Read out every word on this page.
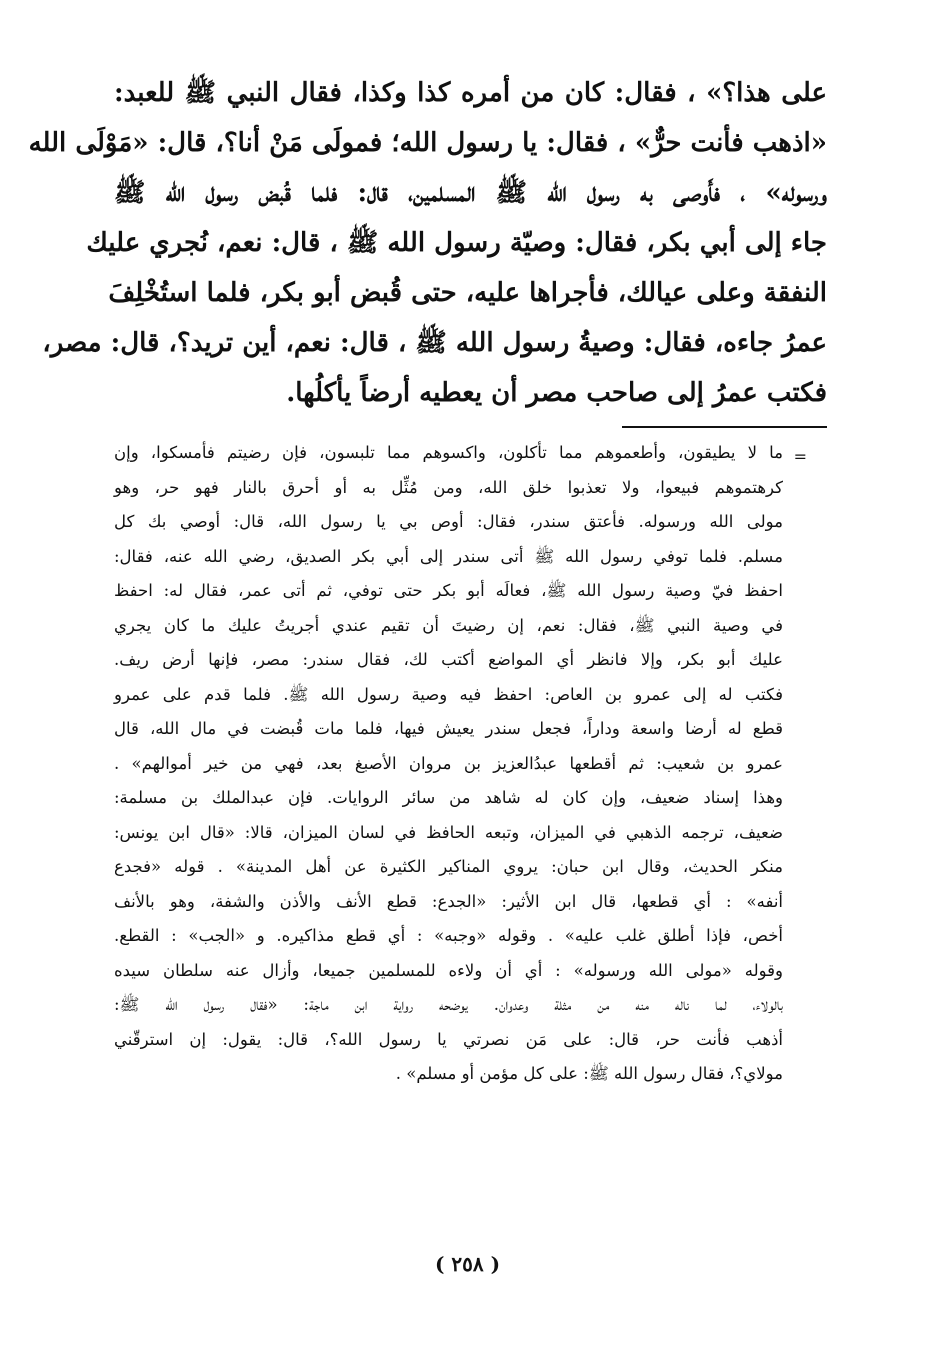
على هذا؟» ، فقال: كان من أمره كذا وكذا، فقال النبي ﷺ للعبد:
«اذهب فأنت حرٌّ» ، فقال: يا رسول الله؛ فمولَى مَنْ أنا؟، قال: «مَوْلَى الله
ورسوله» ، فأَوصى به رسول الله ﷺ المسلمين، قال: فلما قُبض رسول الله ﷺ
جاء إلى أبي بكر، فقال: وصيّة رسول الله ﷺ ، قال: نعم، نُجري عليك
النفقة وعلى عيالك، فأجراها عليه، حتى قُبض أبو بكر، فلما استُخْلِفَ
عمرُ جاءه، فقال: وصيةُ رسول الله ﷺ ، قال: نعم، أين تريد؟، قال: مصر،
فكتب عمرُ إلى صاحب مصر أن يعطيه أرضاً يأكلُها.
=
ما لا يطيقون، وأطعموهم مما تأكلون، واكسوهم مما تلبسون، فإن رضيتم فأمسكوا، وإن
كرهتموهم فبيعوا، ولا تعذبوا خلق الله، ومن مُثِّل به أو أحرق بالنار فهو حر، وهو
مولى الله ورسوله. فأعتق سندر، فقال: أوص بي يا رسول الله، قال: أوصي بك كل
مسلم. فلما توفي رسول الله ﷺ أتى سندر إلى أبي بكر الصديق، رضي الله عنه، فقال:
احفظ فيّ وصية رسول الله ﷺ، فعالَه أبو بكر حتى توفي، ثم أتى عمر، فقال له: احفظ
في وصية النبي ﷺ، فقال: نعم، إن رضيتَ أن تقيم عندي أجريتُ عليك ما كان يجري
عليك أبو بكر، وإلا فانظر أي المواضع أكتب لك، فقال سندر: مصر، فإنها أرض ريف.
فكتب له إلى عمرو بن العاص: احفظ فيه وصية رسول الله ﷺ. فلما قدم على عمرو
قطع له أرضا واسعة وداراً، فجعل سندر يعيش فيها، فلما مات قُبضت في مال الله، قال
عمرو بن شعيب: ثم أقطعها عبدُالعزيز بن مروان الأصبغ بعد، فهي من خير أموالهم» .
وهذا إسناد ضعيف، وإن كان له شاهد من سائر الروايات. فإن عبدالملك بن مسلمة:
ضعيف، ترجمه الذهبي في الميزان، وتبعه الحافظ في لسان الميزان، قالا: «قال ابن يونس:
منكر الحديث، وقال ابن حبان: يروي المناكير الكثيرة عن أهل المدينة» . قوله «فجدع
أنفه» : أي قطعها، قال ابن الأثير: «الجدع: قطع الأنف والأذن والشفة، وهو بالأنف
أخص، فإذا أطلق غلب عليه» . وقوله «وجبه» : أي قطع مذاكيره. و «الجب» : القطع.
وقوله «مولى الله ورسوله» : أي أن ولاءه للمسلمين جميعا، وأزال عنه سلطان سيده
بالولاء، لما ناله منه من مثلة وعدوان. يوضحه رواية ابن ماجة: «فقال رسول الله ﷺ:
أذهب فأنت حر، قال: على مَن نصرتي يا رسول الله؟، قال: يقول: إن استرقّني
مولاي؟، فقال رسول الله ﷺ: على كل مؤمن أو مسلم» .
( ٢٥٨ )
